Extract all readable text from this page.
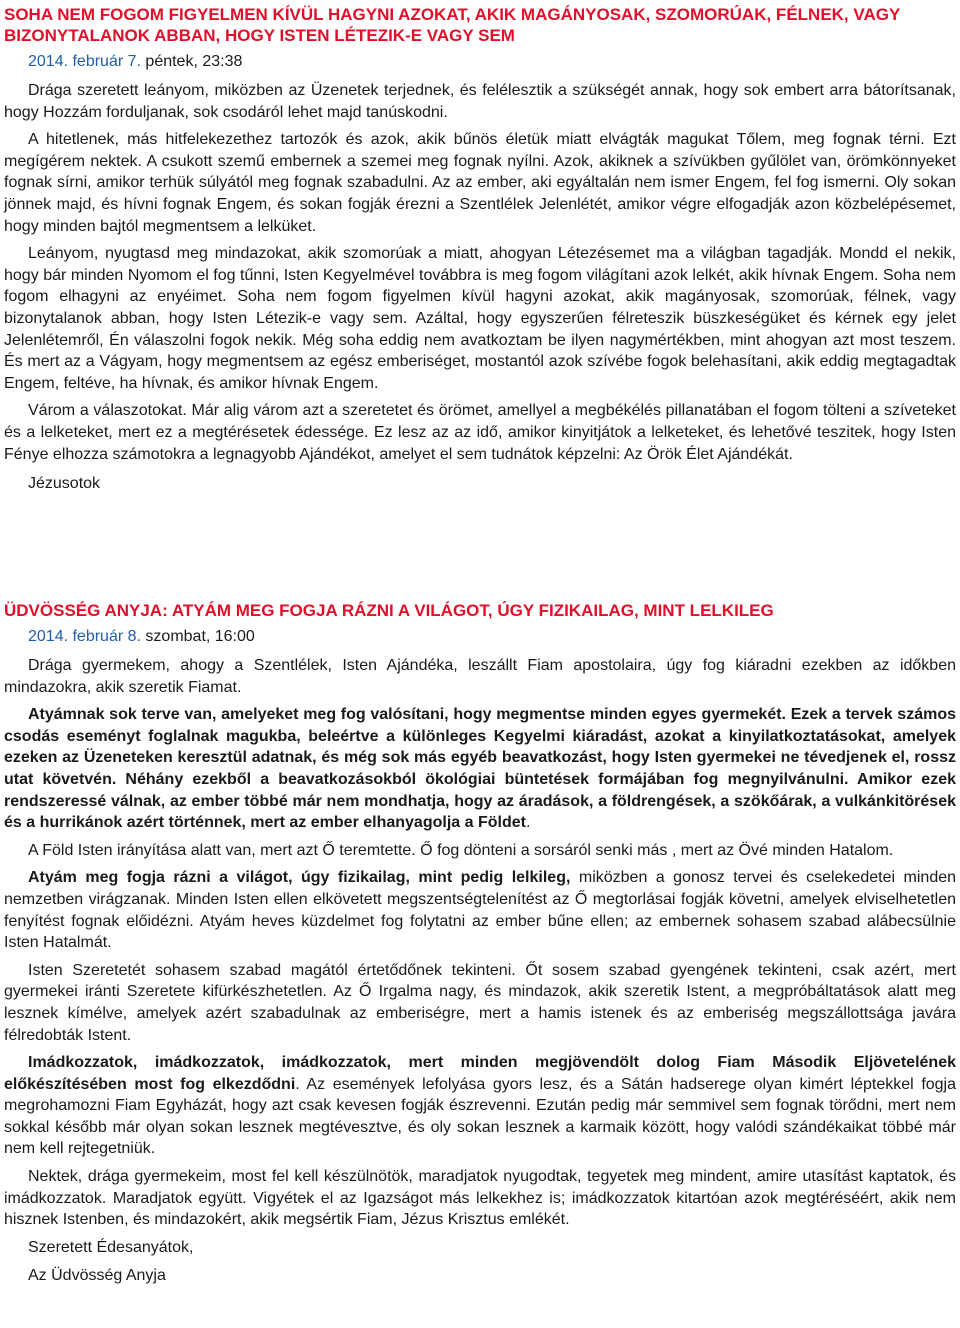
SOHA NEM FOGOM FIGYELMEN KÍVÜL HAGYNI AZOKAT, AKIK MAGÁNYOSAK, SZOMORÚAK, FÉLNEK, VAGY BIZONYTALANOK ABBAN, HOGY ISTEN LÉTEZIK-E VAGY SEM

2014. február 7. péntek, 23:38

Drága szeretett leányom, miközben az Üzenetek terjednek, és felélesztik a szükségét annak, hogy sok embert arra bátorítsanak, hogy Hozzám forduljanak, sok csodáról lehet majd tanúskodni.

A hitetlenek, más hitfelekezethez tartozók és azok, akik bűnös életük miatt elvágták magukat Tőlem, meg fognak térni. Ezt megígérem nektek. A csukott szemű embernek a szemei meg fognak nyílni. Azok, akiknek a szívükben gyűlölet van, örömkönnyeket fognak sírni, amikor terhük súlyától meg fognak szabadulni. Az az ember, aki egyáltalán nem ismer Engem, fel fog ismerni. Oly sokan jönnek majd, és hívni fognak Engem, és sokan fogják érezni a Szentlélek Jelenlétét, amikor végre elfogadják azon közbelépésemet, hogy minden bajtól megmentsem a lelküket.

Leányom, nyugtasd meg mindazokat, akik szomorúak a miatt, ahogyan Létezésemet ma a világban tagadják. Mondd el nekik, hogy bár minden Nyomom el fog tűnni, Isten Kegyelmével továbbra is meg fogom világítani azok lelkét, akik hívnak Engem. Soha nem fogom elhagyni az enyéimet. Soha nem fogom figyelmen kívül hagyni azokat, akik magányosak, szomorúak, félnek, vagy bizonytalanok abban, hogy Isten Létezik-e vagy sem. Azáltal, hogy egyszerűen félreteszik büszkeségüket és kérnek egy jelet Jelenlétemről, Én válaszolni fogok nekik. Még soha eddig nem avatkoztam be ilyen nagymértékben, mint ahogyan azt most teszem. És mert az a Vágyam, hogy megmentsem az egész emberiséget, mostantól azok szívébe fogok belehasítani, akik eddig megtagadtak Engem, feltéve, ha hívnak, és amikor hívnak Engem.

Várom a válaszotokat. Már alig várom azt a szeretetet és örömet, amellyel a megbékélés pillanatában el fogom tölteni a szíveteket és a lelketeket, mert ez a megtérésetek édessége. Ez lesz az az idő, amikor kinyitjátok a lelketeket, és lehetővé teszitek, hogy Isten Fénye elhozza számotokra a legnagyobb Ajándékot, amelyet el sem tudnátok képzelni: Az Örök Élet Ajándékát.

Jézusotok

ÜDVÖSSÉG ANYJA: ATYÁM MEG FOGJA RÁZNI A VILÁGOT, ÚGY FIZIKAILAG, MINT LELKILEG

2014. február 8. szombat, 16:00

Drága gyermekem, ahogy a Szentlélek, Isten Ajándéka, leszállt Fiam apostolaira, úgy fog kiáradni ezekben az időkben mindazokra, akik szeretik Fiamat.

Atyámnak sok terve van, amelyeket meg fog valósítani, hogy megmentse minden egyes gyermekét. Ezek a tervek számos csodás eseményt foglalnak magukba, beleértve a különleges Kegyelmi kiáradást, azokat a kinyilatkoztatásokat, amelyek ezeken az Üzeneteken keresztül adatnak, és még sok más egyéb beavatkozást, hogy Isten gyermekei ne tévedjenek el, rossz utat követvén. Néhány ezekből a beavatkozásokból ökológiai büntetések formájában fog megnyilvánulni. Amikor ezek rendszeressé válnak, az ember többé már nem mondhatja, hogy az áradások, a földrengések, a szökőárak, a vulkánkitörések és a hurrikánok azért történnek, mert az ember elhanyagolja a Földet.

A Föld Isten irányítása alatt van, mert azt Ő teremtette. Ő fog dönteni a sorsáról senki más , mert az Övé minden Hatalom.

Atyám meg fogja rázni a világot, úgy fizikailag, mint pedig lelkileg, miközben a gonosz tervei és cselekedetei minden nemzetben virágzanak. Minden Isten ellen elkövetett megszentségtelenítést az Ő megtorlásai fogják követni, amelyek elviselhetetlen fenyítést fognak előidézni. Atyám heves küzdelmet fog folytatni az ember bűne ellen; az embernek sohasem szabad alábecsülnie Isten Hatalmát.

Isten Szeretetét sohasem szabad magától értetődőnek tekinteni. Őt sosem szabad gyengének tekinteni, csak azért, mert gyermekei iránti Szeretete kifürkészhetetlen. Az Ő Irgalma nagy, és mindazok, akik szeretik Istent, a megpróbáltatások alatt meg lesznek kímélve, amelyek azért szabadulnak az emberiségre, mert a hamis istenek és az emberiség megszállottsága javára félredobták Istent.

Imádkozzatok, imádkozzatok, imádkozzatok, mert minden megjövendölt dolog Fiam Második Eljövetelének előkészítésében most fog elkezdődni. Az események lefolyása gyors lesz, és a Sátán hadserege olyan kimért léptekkel fogja megrohamozni Fiam Egyházát, hogy azt csak kevesen fogják észrevenni. Ezután pedig már semmivel sem fognak törődni, mert nem sokkal később már olyan sokan lesznek megtévesztve, és oly sokan lesznek a karmaik között, hogy valódi szándékaikat többé már nem kell rejtegetniük.

Nektek, drága gyermekeim, most fel kell készülnötök, maradjatok nyugodtak, tegyetek meg mindent, amire utasítást kaptatok, és imádkozzatok. Maradjatok együtt. Vigyétek el az Igazságot más lelkekhez is; imádkozzatok kitartóan azok megtéréséért, akik nem hisznek Istenben, és mindazokért, akik megsértik Fiam, Jézus Krisztus emlékét.

Szeretett Édesanyátok,

Az Üdvösség Anyja
